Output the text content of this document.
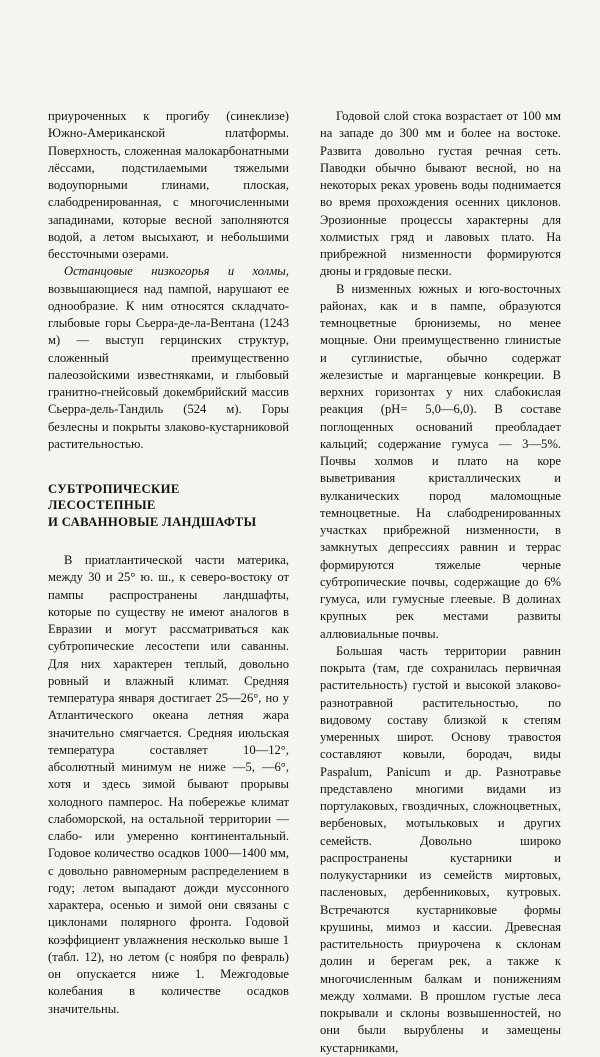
приуроченных к прогибу (синеклизе) Южно-Американской платформы. Поверхность, сложенная малокарбонатными лёссами, подстилаемыми тяжелыми водоупорными глинами, плоская, слабодренированная, с многочисленными западинами, которые весной заполняются водой, а летом высыхают, и небольшими бессточными озерами.

Останцовые низкогорья и холмы, возвышающиеся над пампой, нарушают ее однообразие. К ним относятся складчато-глыбовые горы Сьерра-де-ла-Вентана (1243 м) — выступ герцинских структур, сложенный преимущественно палеозойскими известняками, и глыбовый гранитно-гнейсовый докембрийский массив Сьерра-дель-Тандиль (524 м). Горы безлесны и покрыты злаково-кустарниковой растительностью.

СУБТРОПИЧЕСКИЕ
ЛЕСОСТЕПНЫЕ
И САВАННОВЫЕ ЛАНДШАФТЫ

В приатлантической части материка, между 30 и 25° ю. ш., к северо-востоку от пампы распространены ландшафты, которые по существу не имеют аналогов в Евразии и могут рассматриваться как субтропические лесостепи или саванны. Для них характерен теплый, довольно ровный и влажный климат. Средняя температура января достигает 25—26°, но у Атлантического океана летняя жара значительно смягчается. Средняя июльская температура составляет 10—12°, абсолютный минимум не ниже —5, —6°, хотя и здесь зимой бывают прорывы холодного памперос. На побережье климат слабоморской, на остальной территории — слабо- или умеренно континентальный. Годовое количество осадков 1000—1400 мм, с довольно равномерным распределением в году; летом выпадают дожди муссонного характера, осенью и зимой они связаны с циклонами полярного фронта. Годовой коэффициент увлажнения несколько выше 1 (табл. 12), но летом (с ноября по февраль) он опускается ниже 1. Межгодовые колебания в количестве осадков значительны.

Годовой слой стока возрастает от 100 мм на западе до 300 мм и более на востоке. Развита довольно густая речная сеть. Паводки обычно бывают весной, но на некоторых реках уровень воды поднимается во время прохождения осенних циклонов. Эрозионные процессы характерны для холмистых гряд и лавовых плато. На прибрежной низменности формируются дюны и грядовые пески.

В низменных южных и юго-восточных районах, как и в пампе, образуются темноцветные брюниземы, но менее мощные. Они преимущественно глинистые и суглинистые, обычно содержат железистые и марганцевые конкреции. В верхних горизонтах у них слабокислая реакция (рН= 5,0—6,0). В составе поглощенных оснований преобладает кальций; содержание гумуса — 3—5%. Почвы холмов и плато на коре выветривания кристаллических и вулканических пород маломощные темноцветные. На слабодренированных участках прибрежной низменности, в замкнутых депрессиях равнин и террас формируются тяжелые черные субтропические почвы, содержащие до 6% гумуса, или гумусные глеевые. В долинах крупных рек местами развиты аллювиальные почвы.

Большая часть территории равнин покрыта (там, где сохранилась первичная растительность) густой и высокой злаково-разнотравной растительностью, по видовому составу близкой к степям умеренных широт. Основу травостоя составляют ковыли, бородач, виды Paspalum, Panicum и др. Разнотравье представлено многими видами из портулаковых, гвоздичных, сложноцветных, вербеновых, мотыльковых и других семейств. Довольно широко распространены кустарники и полукустарники из семейств миртовых, пасленовых, дербенниковых, кутровых. Встречаются кустарниковые формы крушины, мимоз и кассии. Древесная растительность приурочена к склонам долин и берегам рек, а также к многочисленным балкам и понижениям между холмами. В прошлом густые леса покрывали и склоны возвышенностей, но они были вырублены и замещены кустарниками,
